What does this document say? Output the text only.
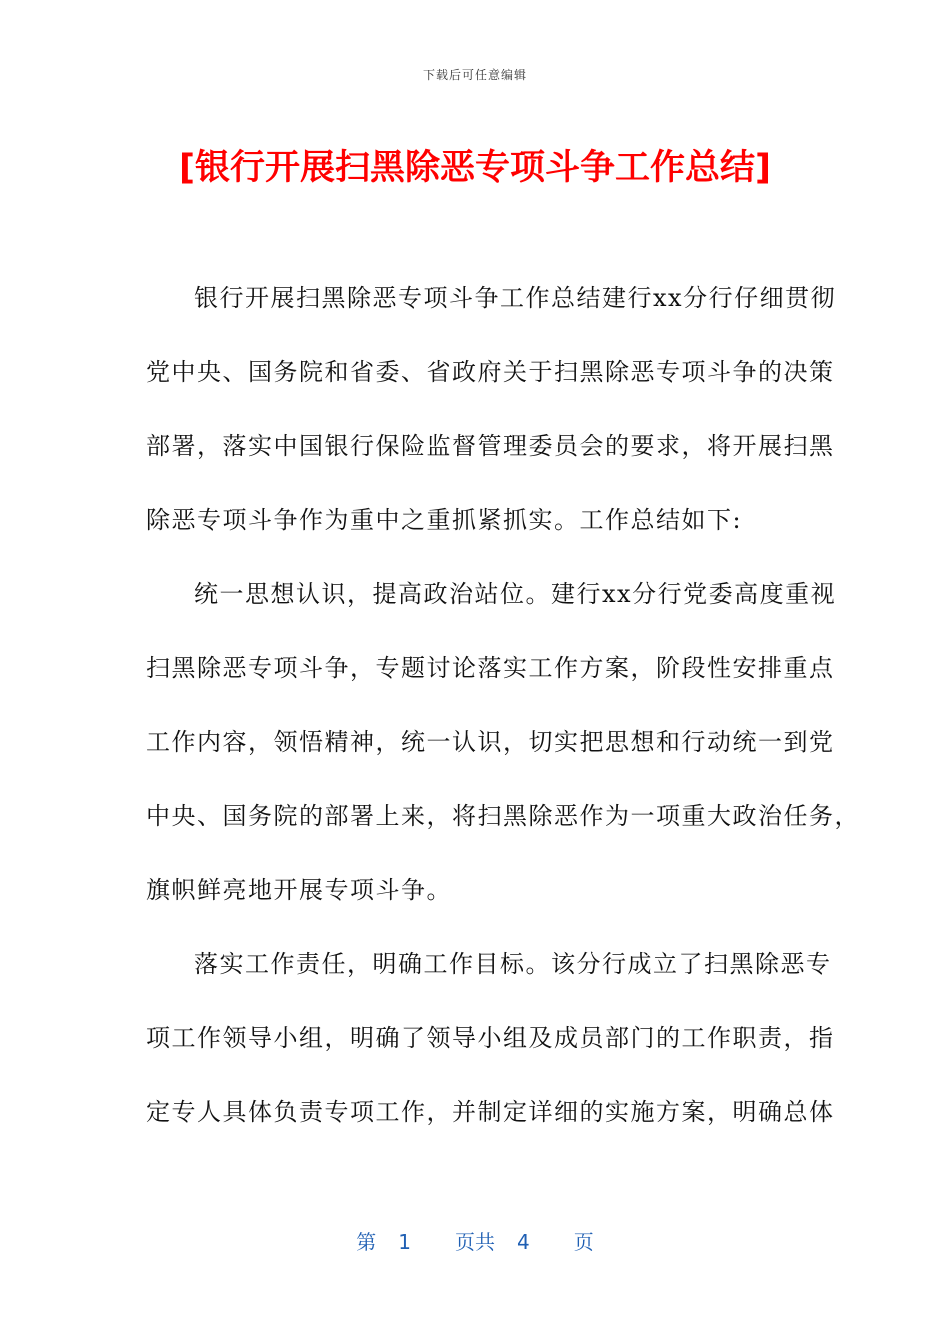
下载后可任意编辑
[银行开展扫黑除恶专项斗争工作总结]
银行开展扫黑除恶专项斗争工作总结建行xx分行仔细贯彻
党中央、国务院和省委、省政府关于扫黑除恶专项斗争的决策
部署，落实中国银行保险监督管理委员会的要求，将开展扫黑
除恶专项斗争作为重中之重抓紧抓实。工作总结如下:
统一思想认识，提高政治站位。建行xx分行党委高度重视
扫黑除恶专项斗争，专题讨论落实工作方案，阶段性安排重点
工作内容，领悟精神，统一认识，切实把思想和行动统一到党
中央、国务院的部署上来，将扫黑除恶作为一项重大政治任务，
旗帜鲜亮地开展专项斗争。
落实工作责任，明确工作目标。该分行成立了扫黑除恶专
项工作领导小组，明确了领导小组及成员部门的工作职责，指
定专人具体负责专项工作，并制定详细的实施方案，明确总体
第 1 页共 4 页
